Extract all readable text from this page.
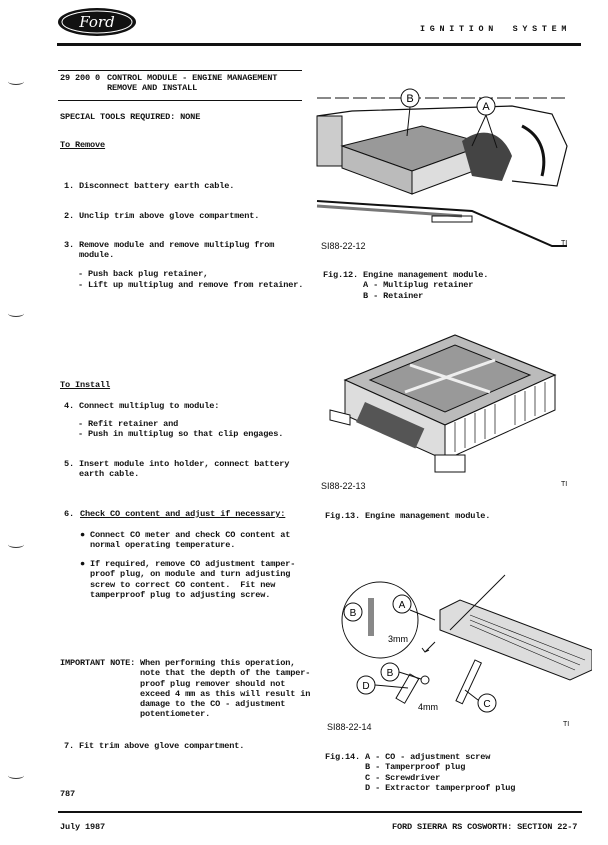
Ford	I G N I T I O N    S Y S T E M
29 200 0 CONTROL MODULE - ENGINE MANAGEMENT
REMOVE AND INSTALL
SPECIAL TOOLS REQUIRED: NONE
To Remove
1. Disconnect battery earth cable.
2. Unclip trim above glove compartment.
3. Remove module and remove multiplug from
module.
- Push back plug retainer,
- Lift up multiplug and remove from retainer.
To Install
4. Connect multiplug to module:
- Refit retainer and
- Push in multiplug so that clip engages.
5. Insert module into holder, connect battery
earth cable.
6. Check CO content and adjust if necessary:
● Connect CO meter and check CO content at
normal operating temperature.
● If required, remove CO adjustment tamper-
proof plug, on module and turn adjusting
screw to correct CO content.  Fit new
tamperproof plug to adjusting screw.
IMPORTANT NOTE: When performing this operation,
note that the depth of the tamper-
proof plug remover should not
exceed 4 mm as this will result in
damage to the CO - adjustment
potentiometer.
7. Fit trim above glove compartment.
B
A
SI88-22-12	TI
Fig.12. Engine management module.
A - Multiplug retainer
B - Retainer
SI88-22-13	TI
Fig.13. Engine management module.
B
A
B
D
C
3mm
4mm
SI88-22-14	TI
Fig.14. A - CO - adjustment screw
B - Tamperproof plug
C - Screwdriver
D - Extractor tamperproof plug
787
July 1987	FORD SIERRA RS COSWORTH: SECTION 22-7
